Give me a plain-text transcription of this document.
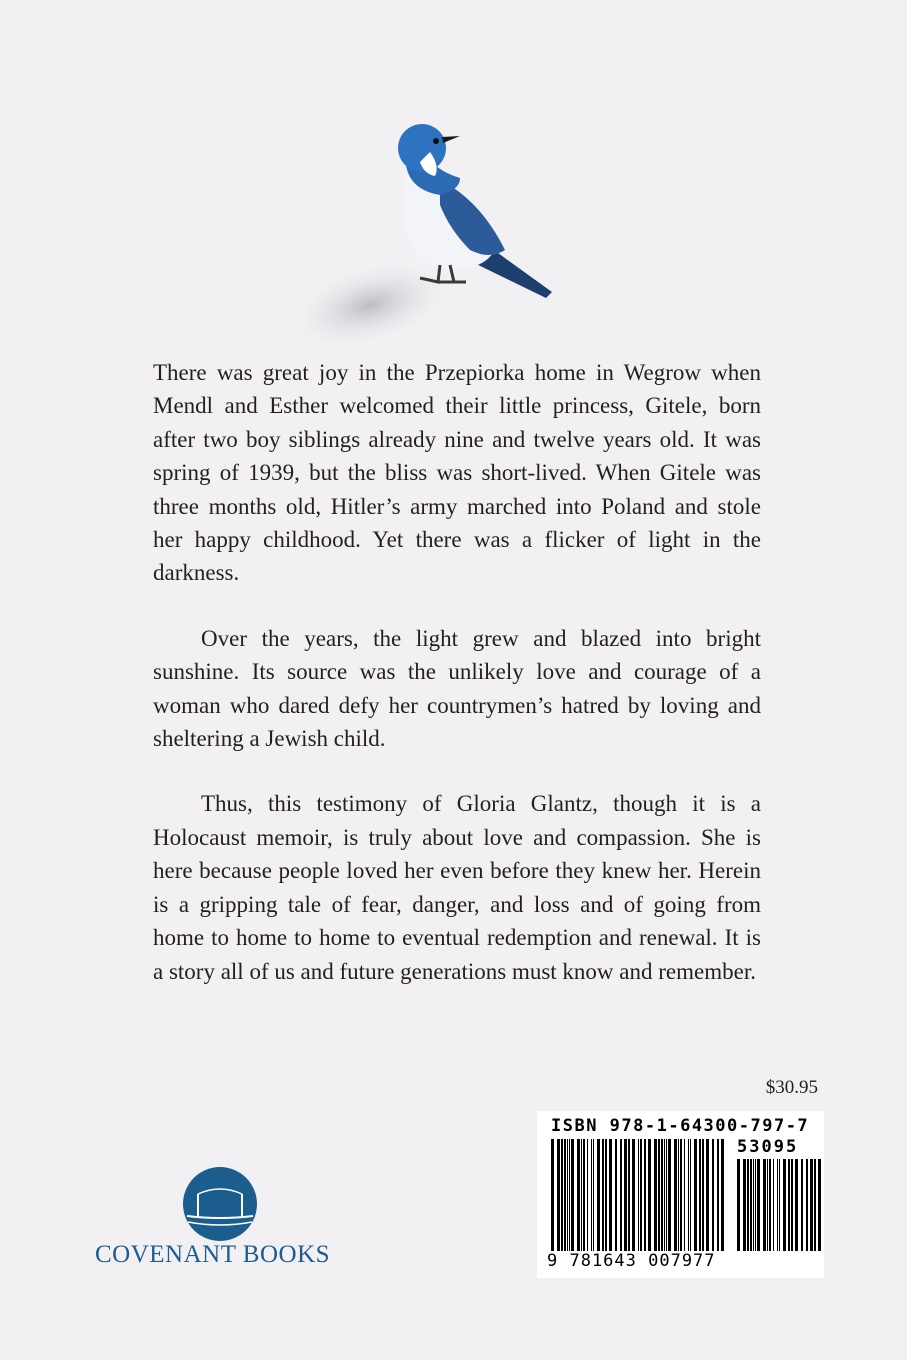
There was great joy in the Przepiorka home in Wegrow when Mendl and Esther welcomed their little princess, Gitele, born after two boy siblings already nine and twelve years old. It was spring of 1939, but the bliss was short-lived. When Gitele was three months old, Hitler’s army marched into Poland and stole her happy childhood. Yet there was a flicker of light in the darkness.

Over the years, the light grew and blazed into bright sunshine. Its source was the unlikely love and courage of a woman who dared defy her countrymen’s hatred by loving and sheltering a Jewish child.

Thus, this testimony of Gloria Glantz, though it is a Holocaust memoir, is truly about love and compassion. She is here because people loved her even before they knew her. Herein is a gripping tale of fear, danger, and loss and of going from home to home to home to eventual redemption and renewal. It is a story all of us and future generations must know and remember.

$30.95
ISBN 978-1-64300-797-7
53095
9 781643 007977
COVENANT BOOKS
